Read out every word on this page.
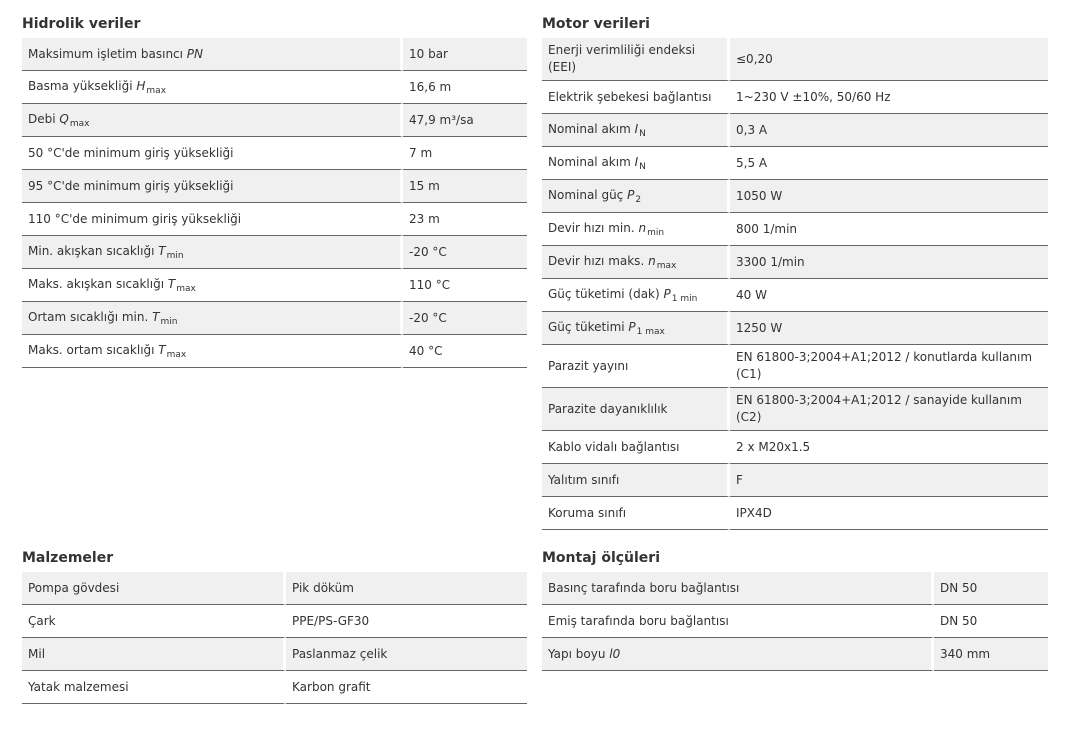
Hidrolik veriler
Maksimum işletim basıncı PN	10 bar
Basma yüksekliği $H_{max}$	16,6 m
Debi $Q_{max}$	47,9 m³/sa
50 °C'de minimum giriş yüksekliği	7 m
95 °C'de minimum giriş yüksekliği	15 m
110 °C'de minimum giriş yüksekliği	23 m
Min. akışkan sıcaklığı $T_{min}$	-20 °C
Maks. akışkan sıcaklığı $T_{max}$	110 °C
Ortam sıcaklığı min. $T_{min}$	-20 °C
Maks. ortam sıcaklığı $T_{max}$	40 °C
Motor verileri
Enerji verimliliği endeksi (EEI)	≤0,20
Elektrik şebekesi bağlantısı	1~230 V ±10%, 50/60 Hz
Nominal akım $I_N$	0,3 A
Nominal akım $I_N$	5,5 A
Nominal güç $P_2$	1050 W
Devir hızı min. $n_{min}$	800 1/min
Devir hızı maks. $n_{max}$	3300 1/min
Güç tüketimi (dak) $P_{1 min}$	40 W
Güç tüketimi $P_{1 max}$	1250 W
Parazit yayını	EN 61800-3;2004+A1;2012 / konutlarda kullanım (C1)
Parazite dayanıklılık	EN 61800-3;2004+A1;2012 / sanayide kullanım (C2)
Kablo vidalı bağlantısı	2 x M20x1.5
Yalıtım sınıfı	F
Koruma sınıfı	IPX4D
Malzemeler
Pompa gövdesi	Pik döküm
Çark	PPE/PS-GF30
Mil	Paslanmaz çelik
Yatak malzemesi	Karbon grafit
Montaj ölçüleri
Basınç tarafında boru bağlantısı	DN 50
Emiş tarafında boru bağlantısı	DN 50
Yapı boyu l0	340 mm
